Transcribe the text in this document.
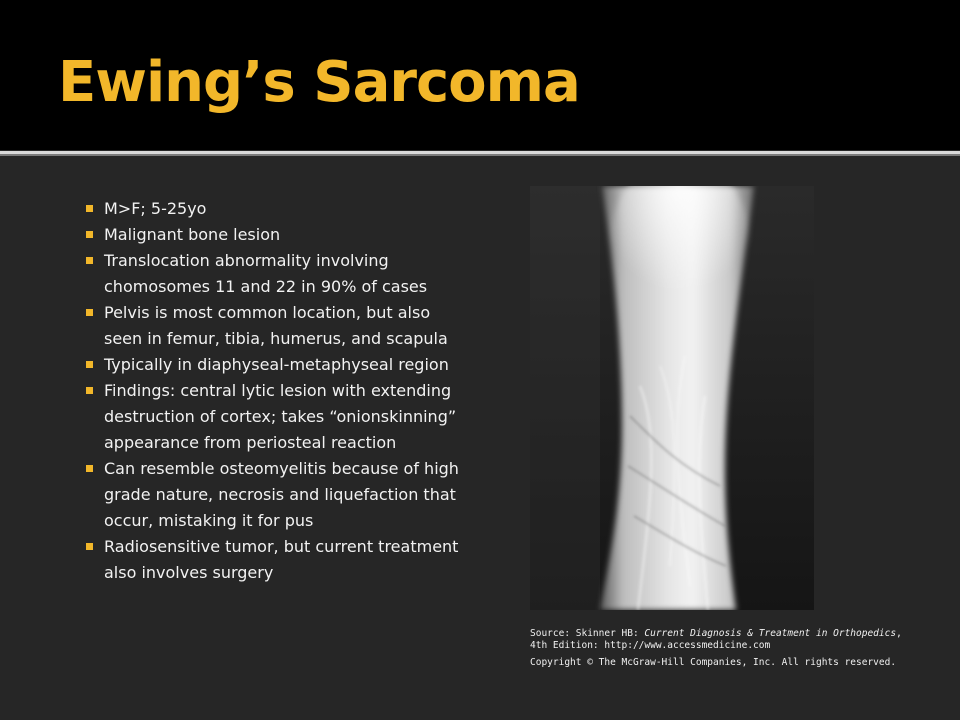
Ewing’s Sarcoma
M>F; 5-25yo
Malignant bone lesion
Translocation abnormality involving chomosomes 11 and 22 in 90% of cases
Pelvis is most common location, but also seen in femur, tibia, humerus, and scapula
Typically in diaphyseal-metaphyseal region
Findings: central lytic lesion with extending destruction of cortex; takes “onionskinning” appearance from periosteal reaction
Can resemble osteomyelitis because of high grade nature, necrosis and liquefaction that occur, mistaking it for pus
Radiosensitive tumor, but current treatment also involves surgery
Source: Skinner HB: Current Diagnosis & Treatment in Orthopedics,
4th Edition: http://www.accessmedicine.com
Copyright © The McGraw-Hill Companies, Inc. All rights reserved.
